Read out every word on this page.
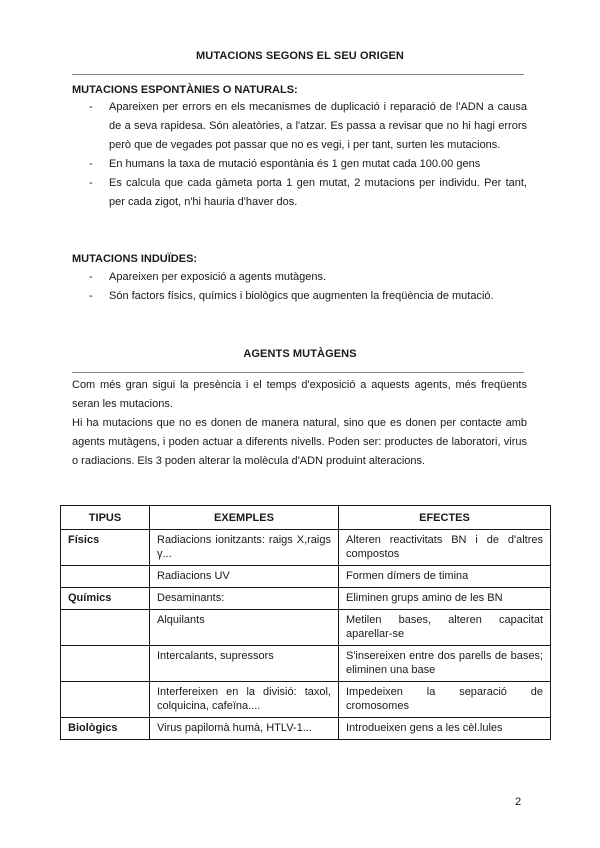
MUTACIONS SEGONS EL SEU ORIGEN
MUTACIONS ESPONTÀNIES O NATURALS:
- Apareixen per errors en els mecanismes de duplicació i reparació de l'ADN a causa de a seva rapidesa. Són aleatòries, a l'atzar. Es passa a revisar que no hi hagi errors però que de vegades pot passar que no es vegi, i per tant, surten les mutacions.
- En humans la taxa de mutació espontània és 1 gen mutat cada 100.00 gens
- Es calcula que cada gàmeta porta 1 gen mutat, 2 mutacions per individu. Per tant, per cada zigot, n'hi hauria d'haver dos.
MUTACIONS INDUÏDES:
- Apareixen per exposició a agents mutàgens.
- Són factors físics, químics i biològics que augmenten la freqüència de mutació.
AGENTS MUTÀGENS

Com més gran sigui la presència i el temps d'exposició a aquests agents, més freqüents seran les mutacions.

Hi ha mutacions que no es donen de manera natural, sino que es donen per contacte amb agents mutàgens, i poden actuar a diferents nivells. Poden ser: productes de laboratori, virus o radiacions. Els 3 poden alterar la molècula d'ADN produint alteracions.

TIPUS	EXEMPLES	EFECTES
Físics	Radiacions ionitzants: raigs X,raigs γ...	Alteren reactivitats BN i de d'altres compostos
	Radiacions UV	Formen dímers de timina
Químics	Desaminants:	Eliminen grups amino de les BN
	Alquilants	Metilen bases, alteren capacitat aparellar-se
	Intercalants, supressors	S'insereixen entre dos parells de bases; eliminen una base
	Interfereixen en la divisió: taxol, colquicina, cafeïna....	Impedeixen la separació de cromosomes
Biològics	Virus papilomà humà, HTLV-1...	Introdueixen gens a les cèl.lules
2
